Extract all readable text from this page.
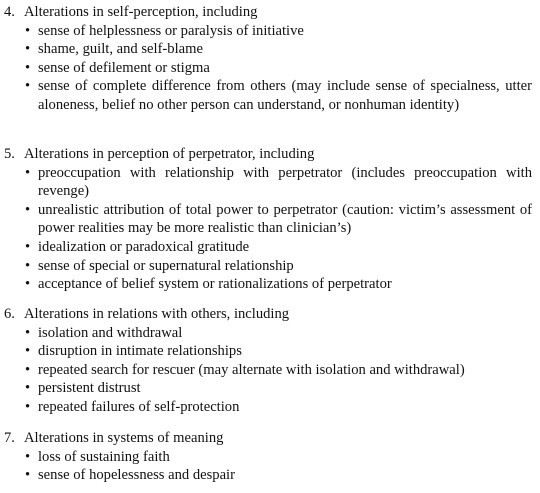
4. Alterations in self-perception, including
• sense of helplessness or paralysis of initiative
• shame, guilt, and self-blame
• sense of defilement or stigma
• sense of complete difference from others (may include sense of specialness, utter aloneness, belief no other person can understand, or nonhuman identity)
5. Alterations in perception of perpetrator, including
• preoccupation with relationship with perpetrator (includes preoccupation with revenge)
• unrealistic attribution of total power to perpetrator (caution: victim’s assessment of power realities may be more realistic than clinician’s)
• idealization or paradoxical gratitude
• sense of special or supernatural relationship
• acceptance of belief system or rationalizations of perpetrator
6. Alterations in relations with others, including
• isolation and withdrawal
• disruption in intimate relationships
• repeated search for rescuer (may alternate with isolation and withdrawal)
• persistent distrust
• repeated failures of self-protection
7. Alterations in systems of meaning
• loss of sustaining faith
• sense of hopelessness and despair
